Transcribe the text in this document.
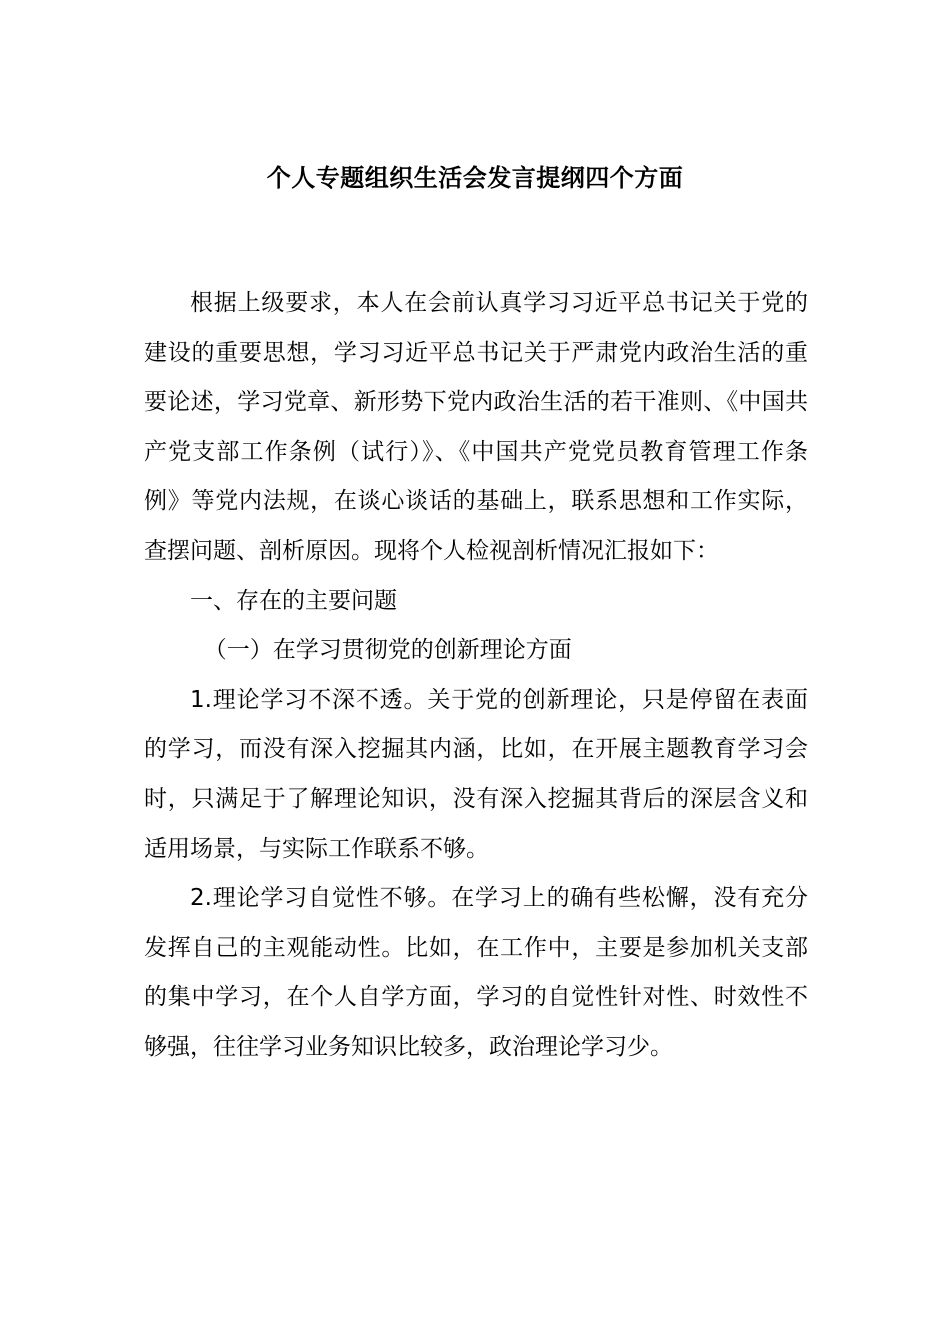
个人专题组织生活会发言提纲四个方面

根据上级要求，本人在会前认真学习习近平总书记关于党的建设的重要思想，学习习近平总书记关于严肃党内政治生活的重要论述，学习党章、新形势下党内政治生活的若干准则、《中国共产党支部工作条例（试行）》、《中国共产党党员教育管理工作条例》等党内法规，在谈心谈话的基础上，联系思想和工作实际，查摆问题、剖析原因。现将个人检视剖析情况汇报如下：

一、存在的主要问题

（一）在学习贯彻党的创新理论方面

1.理论学习不深不透。关于党的创新理论，只是停留在表面的学习，而没有深入挖掘其内涵，比如，在开展主题教育学习会时，只满足于了解理论知识，没有深入挖掘其背后的深层含义和适用场景，与实际工作联系不够。

2.理论学习自觉性不够。在学习上的确有些松懈，没有充分发挥自己的主观能动性。比如，在工作中，主要是参加机关支部的集中学习，在个人自学方面，学习的自觉性针对性、时效性不够强，往往学习业务知识比较多，政治理论学习少。
